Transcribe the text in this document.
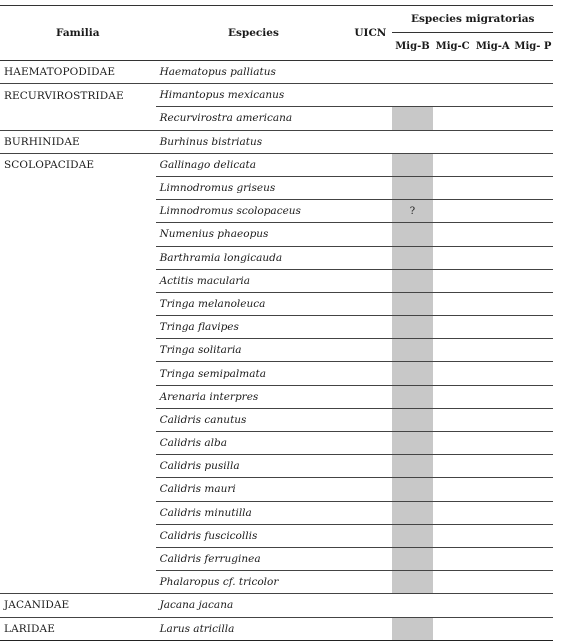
Familia	Especies	UICN	Especies migratorias			
			Mig-B	Mig-C	Mig-A	Mig- P
HAEMATOPODIDAE	Haematopus palliatus					
RECURVIROSTRIDAE	Himantopus mexicanus					
	Recurvirostra americana					
BURHINIDAE	Burhinus bistriatus					
SCOLOPACIDAE	Gallinago delicata					
	Limnodromus griseus					
	Limnodromus scolopaceus		?			
	Numenius phaeopus					
	Barthramia longicauda					
	Actitis macularia					
	Tringa melanoleuca					
	Tringa flavipes					
	Tringa solitaria					
	Tringa semipalmata					
	Arenaria interpres					
	Calidris canutus					
	Calidris alba					
	Calidris pusilla					
	Calidris mauri					
	Calidris minutilla					
	Calidris fuscicollis					
	Calidris ferruginea					
	Phalaropus cf. tricolor					
JACANIDAE	Jacana jacana					
LARIDAE	Larus atricilla					
